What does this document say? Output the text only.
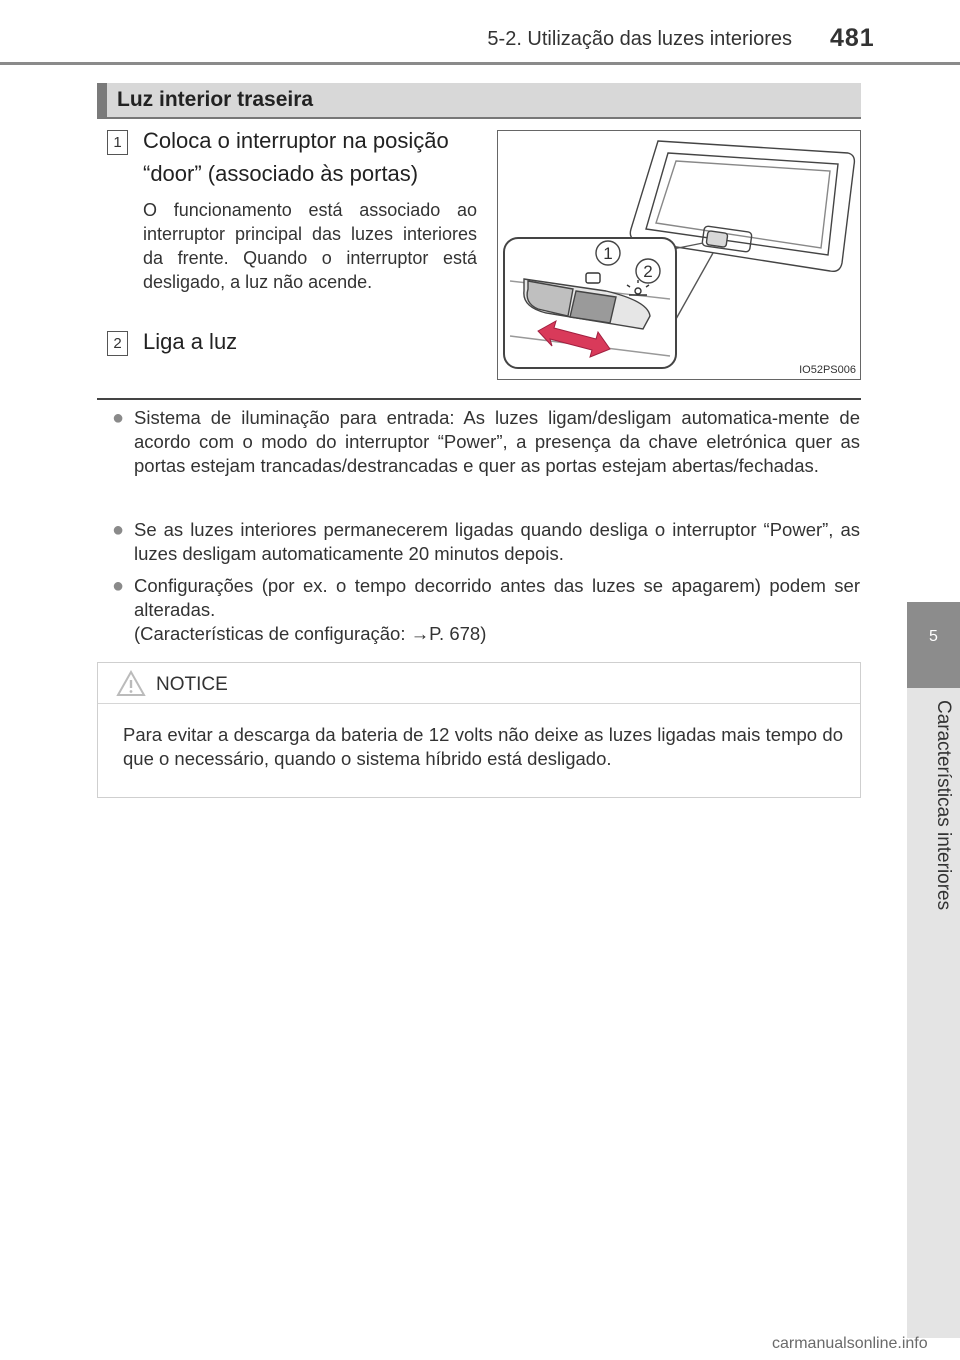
5-2. Utilização das luzes interiores 481
5
Características interiores
Luz interior traseira
1 Coloca o interruptor na posição
“door” (associado às portas)
O funcionamento está associado ao interruptor principal das luzes interiores da frente. Quando o interruptor está desligado, a luz não acende.
2 Liga a luz
1
2
IO52PS006
● Sistema de iluminação para entrada: As luzes ligam/desligam automatica-mente de acordo com o modo do interruptor “Power”, a presença da chave eletrónica quer as portas estejam trancadas/destrancadas e quer as portas estejam abertas/fechadas.
● Se as luzes interiores permanecerem ligadas quando desliga o interruptor “Power”, as luzes desligam automaticamente 20 minutos depois.
● Configurações (por ex. o tempo decorrido antes das luzes se apagarem) podem ser alteradas.
(Características de configuração: →P. 678)
NOTICE
Para evitar a descarga da bateria de 12 volts não deixe as luzes ligadas mais tempo do que o necessário, quando o sistema híbrido está desligado.
carmanualsonline.info
